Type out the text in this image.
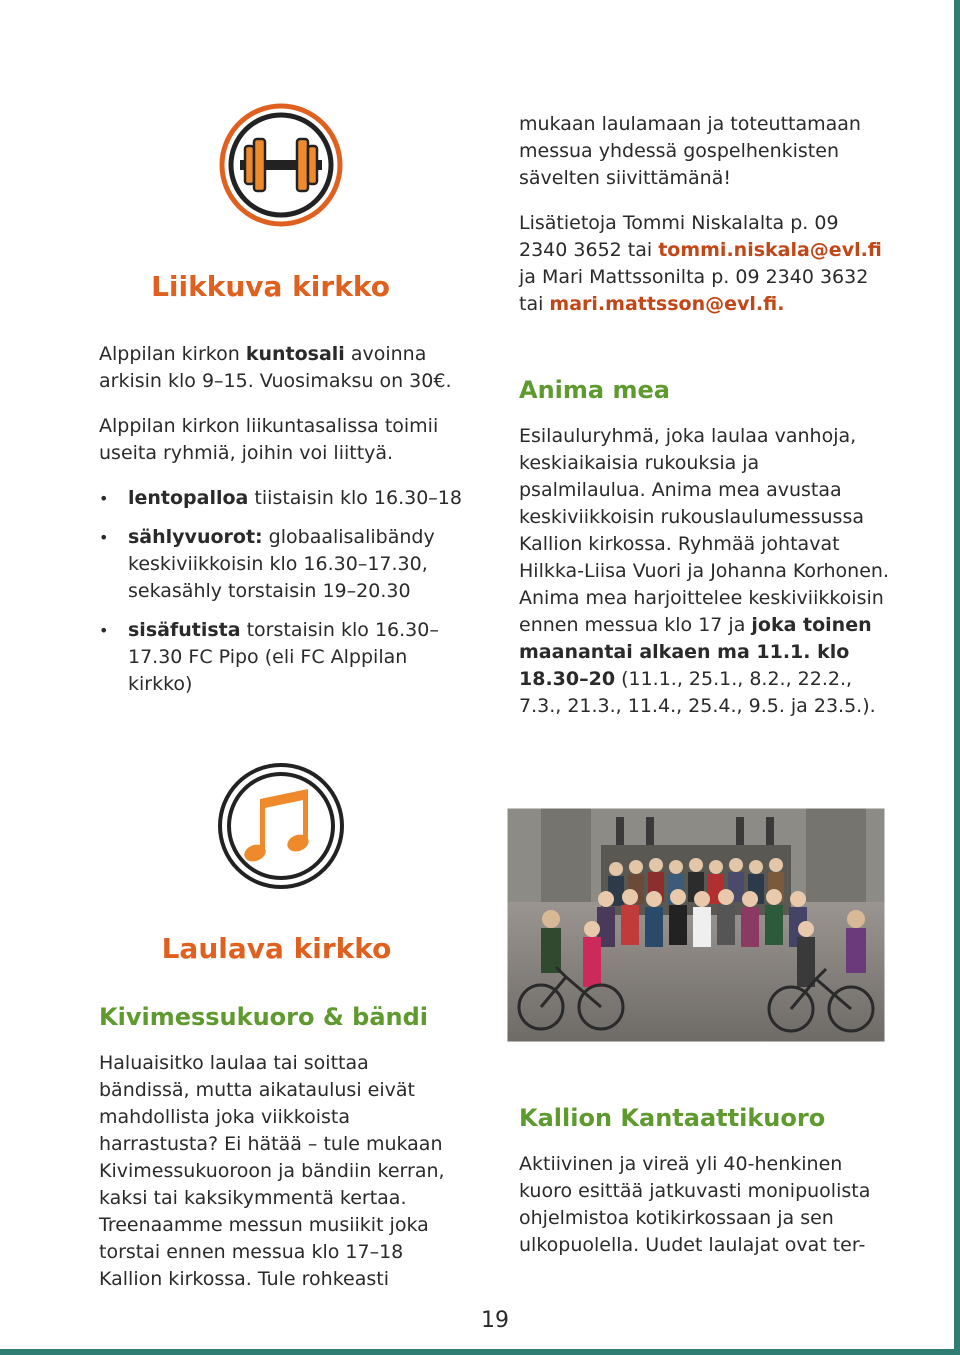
Liikkuva kirkko

Alppilan kirkon kuntosali avoinna arkisin klo 9–15. Vuosimaksu on 30€.

Alppilan kirkon liikuntasalissa toimii useita ryhmiä, joihin voi liittyä.

• lentopalloa tiistaisin klo 16.30–18
• sählyvuorot: globaalisalibändy keskiviikkoisin klo 16.30–17.30, sekasähly torstaisin 19–20.30
• sisäfutista torstaisin klo 16.30–17.30 FC Pipo (eli FC Alppilan kirkko)
Laulava kirkko
Kivimessukuoro & bändi

Haluaisitko laulaa tai soittaa bändissä, mutta aikataulusi eivät mahdollista joka viikkoista harrastusta? Ei hätää – tule mukaan Kivimessukuoroon ja bändiin kerran, kaksi tai kaksikymmentä kertaa. Treenaamme messun musiikit joka torstai ennen messua klo 17–18 Kallion kirkossa. Tule rohkeasti

mukaan laulamaan ja toteuttamaan messua yhdessä gospelhenkisten sävelten siivittämänä!

Lisätietoja Tommi Niskalalta p. 09 2340 3652 tai tommi.niskala@evl.fi ja Mari Mattssonilta p. 09 2340 3632 tai mari.mattsson@evl.fi.

Anima mea

Esilauluryhmä, joka laulaa vanhoja, keskiaikaisia rukouksia ja psalmilaulua. Anima mea avustaa keskiviikkoisin rukouslaulumessussa Kallion kirkossa. Ryhmää johtavat Hilkka-Liisa Vuori ja Johanna Korhonen. Anima mea harjoittelee keskiviikkoisin ennen messua klo 17 ja joka toinen maanantai alkaen ma 11.1. klo 18.30–20 (11.1., 25.1., 8.2., 22.2., 7.3., 21.3., 11.4., 25.4., 9.5. ja 23.5.).

Kallion Kantaattikuoro

Aktiivinen ja vireä yli 40-henkinen kuoro esittää jatkuvasti monipuolista ohjelmistoa kotikirkossaan ja sen ulkopuolella. Uudet laulajat ovat ter-

19
